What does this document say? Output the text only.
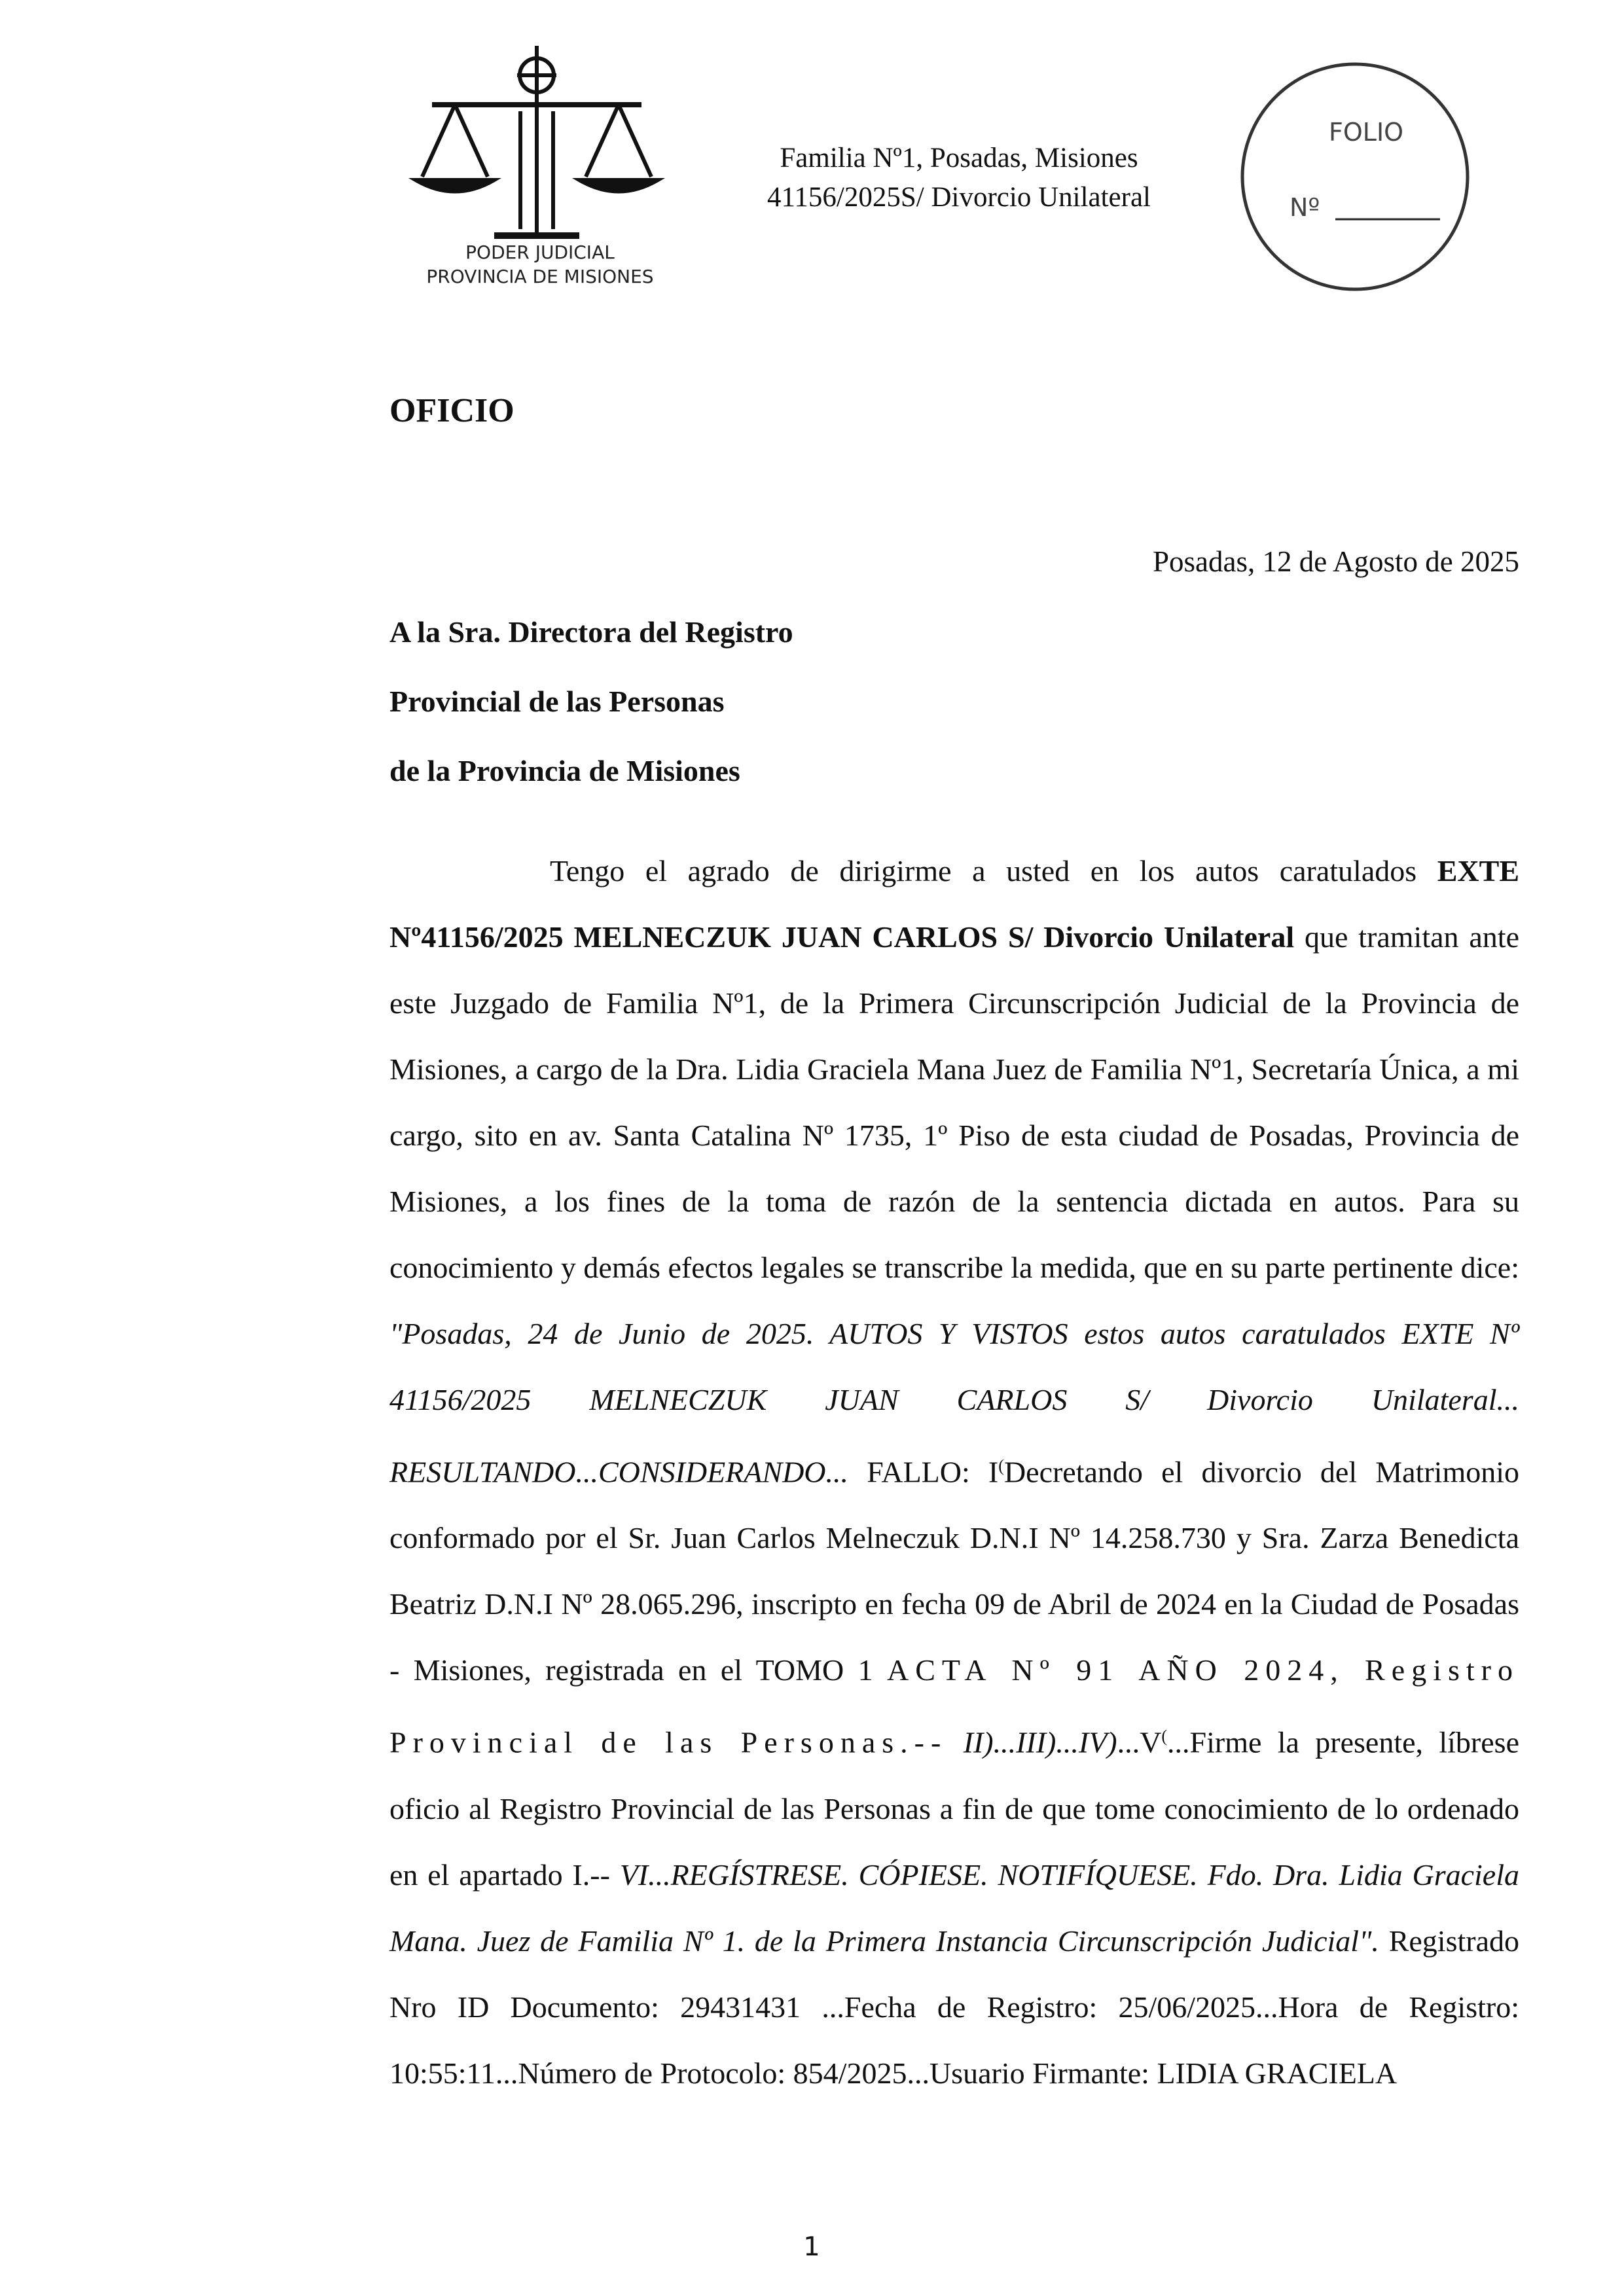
PODER JUDICIAL
PROVINCIA DE MISIONES
Familia Nº1, Posadas, Misiones
41156/2025S/ Divorcio Unilateral
FOLIO
Nº
OFICIO
Posadas, 12 de Agosto de 2025
A la Sra. Directora del Registro
Provincial de las Personas
de la Provincia de Misiones

Tengo el agrado de dirigirme a usted en los autos caratulados EXTE Nº41156/2025 MELNECZUK JUAN CARLOS S/ Divorcio Unilateral que tramitan ante este Juzgado de Familia Nº1, de la Primera Circunscripción Judicial de la Provincia de Misiones, a cargo de la Dra. Lidia Graciela Mana Juez de Familia Nº1, Secretaría Única, a mi cargo, sito en av. Santa Catalina Nº 1735, 1º Piso de esta ciudad de Posadas, Provincia de Misiones, a los fines de la toma de razón de la sentencia dictada en autos. Para su conocimiento y demás efectos legales se transcribe la medida, que en su parte pertinente dice: "Posadas, 24 de Junio de 2025. AUTOS Y VISTOS estos autos caratulados EXTE Nº 41156/2025 MELNECZUK JUAN CARLOS S/ Divorcio Unilateral... RESULTANDO...CONSIDERANDO... FALLO: I(Decretando el divorcio del Matrimonio conformado por el Sr. Juan Carlos Melneczuk D.N.I Nº 14.258.730 y Sra. Zarza Benedicta Beatriz D.N.I Nº 28.065.296, inscripto en fecha 09 de Abril de 2024 en la Ciudad de Posadas - Misiones, registrada en el TOMO 1 ACTA Nº 91 AÑO 2024, Registro Provincial de las Personas.-- II)...III)...IV)...V(...Firme la presente, líbrese oficio al Registro Provincial de las Personas a fin de que tome conocimiento de lo ordenado en el apartado I.-- VI...REGÍSTRESE. CÓPIESE. NOTIFÍQUESE. Fdo. Dra. Lidia Graciela Mana. Juez de Familia Nº 1. de la Primera Instancia Circunscripción Judicial". Registrado Nro ID Documento: 29431431 ...Fecha de Registro: 25/06/2025...Hora de Registro: 10:55:11...Número de Protocolo: 854/2025...Usuario Firmante: LIDIA GRACIELA

1
